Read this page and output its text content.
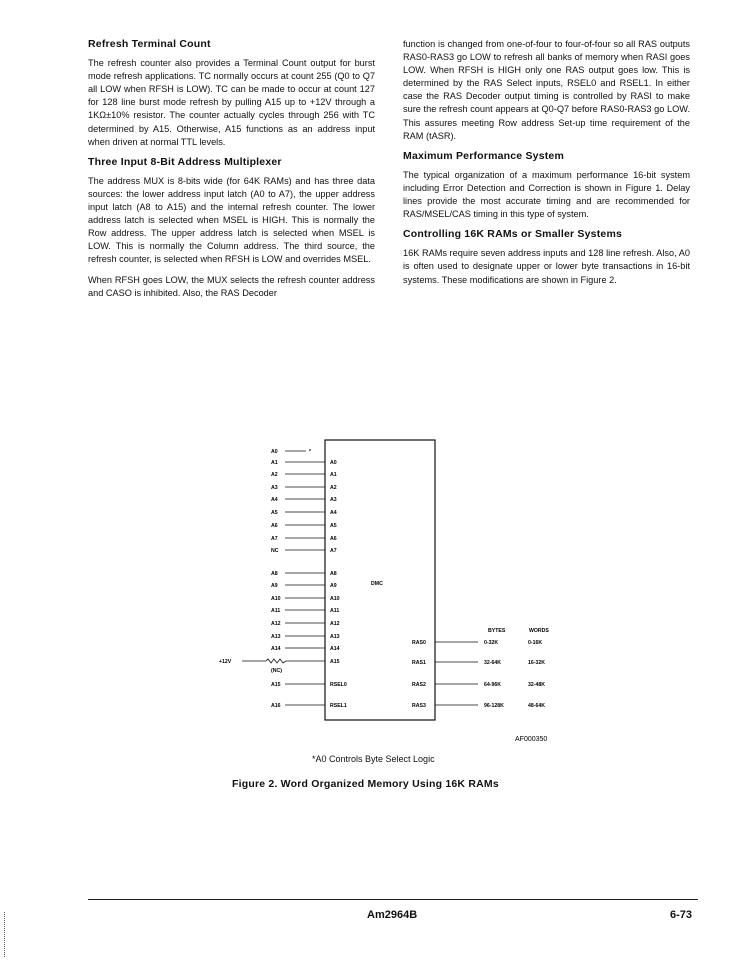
Refresh Terminal Count
The refresh counter also provides a Terminal Count output for burst mode refresh applications. TC normally occurs at count 255 (Q0 to Q7 all LOW when RFSH is LOW). TC can be made to occur at count 127 for 128 line burst mode refresh by pulling A15 up to +12V through a 1KΩ±10% resistor. The counter actually cycles through 256 with TC determined by A15. Otherwise, A15 functions as an address input when driven at normal TTL levels.
Three Input 8-Bit Address Multiplexer
The address MUX is 8-bits wide (for 64K RAMs) and has three data sources: the lower address input latch (A0 to A7), the upper address input latch (A8 to A15) and the internal refresh counter. The lower address latch is selected when MSEL is HIGH. This is normally the Row address. The upper address latch is selected when MSEL is LOW. This is normally the Column address. The third source, the refresh counter, is selected when RFSH is LOW and overrides MSEL.
When RFSH goes LOW, the MUX selects the refresh counter address and CASO is inhibited. Also, the RAS Decoder
function is changed from one-of-four to four-of-four so all RAS outputs RAS0-RAS3 go LOW to refresh all banks of memory when RASI goes LOW. When RFSH is HIGH only one RAS output goes low. This is determined by the RAS Select inputs, RSEL0 and RSEL1. In either case the RAS Decoder output timing is controlled by RASI to make sure the refresh count appears at Q0-Q7 before RAS0-RAS3 go LOW. This assures meeting Row address Set-up time requirement of the RAM (tASR).
Maximum Performance System
The typical organization of a maximum performance 16-bit system including Error Detection and Correction is shown in Figure 1. Delay lines provide the most accurate timing and are recommended for RAS/MSEL/CAS timing in this type of system.
Controlling 16K RAMs or Smaller Systems
16K RAMs require seven address inputs and 128 line refresh. Also, A0 is often used to designate upper or lower byte transactions in 16-bit systems. These modifications are shown in Figure 2.
DMC
A0	*
A1	A0
A2	A1
A3	A2
A4	A3
A5	A4
A6	A5
A7	A6
NC	A7
A8	A8
A9	A9
A10	A10
A11	A11
A12	A12
A13	A13
A14	A14
+12V
(NC)
A15
A15	RSEL0
A16	RSEL1
RAS0	0-32K	0-16K
RAS1	32-64K	16-32K
RAS2	64-96K	32-48K
RAS3	96-128K	48-64K
BYTES	WORDS
AF000350
*A0 Controls Byte Select Logic
Figure 2. Word Organized Memory Using 16K RAMs
Am2964B	6-73
